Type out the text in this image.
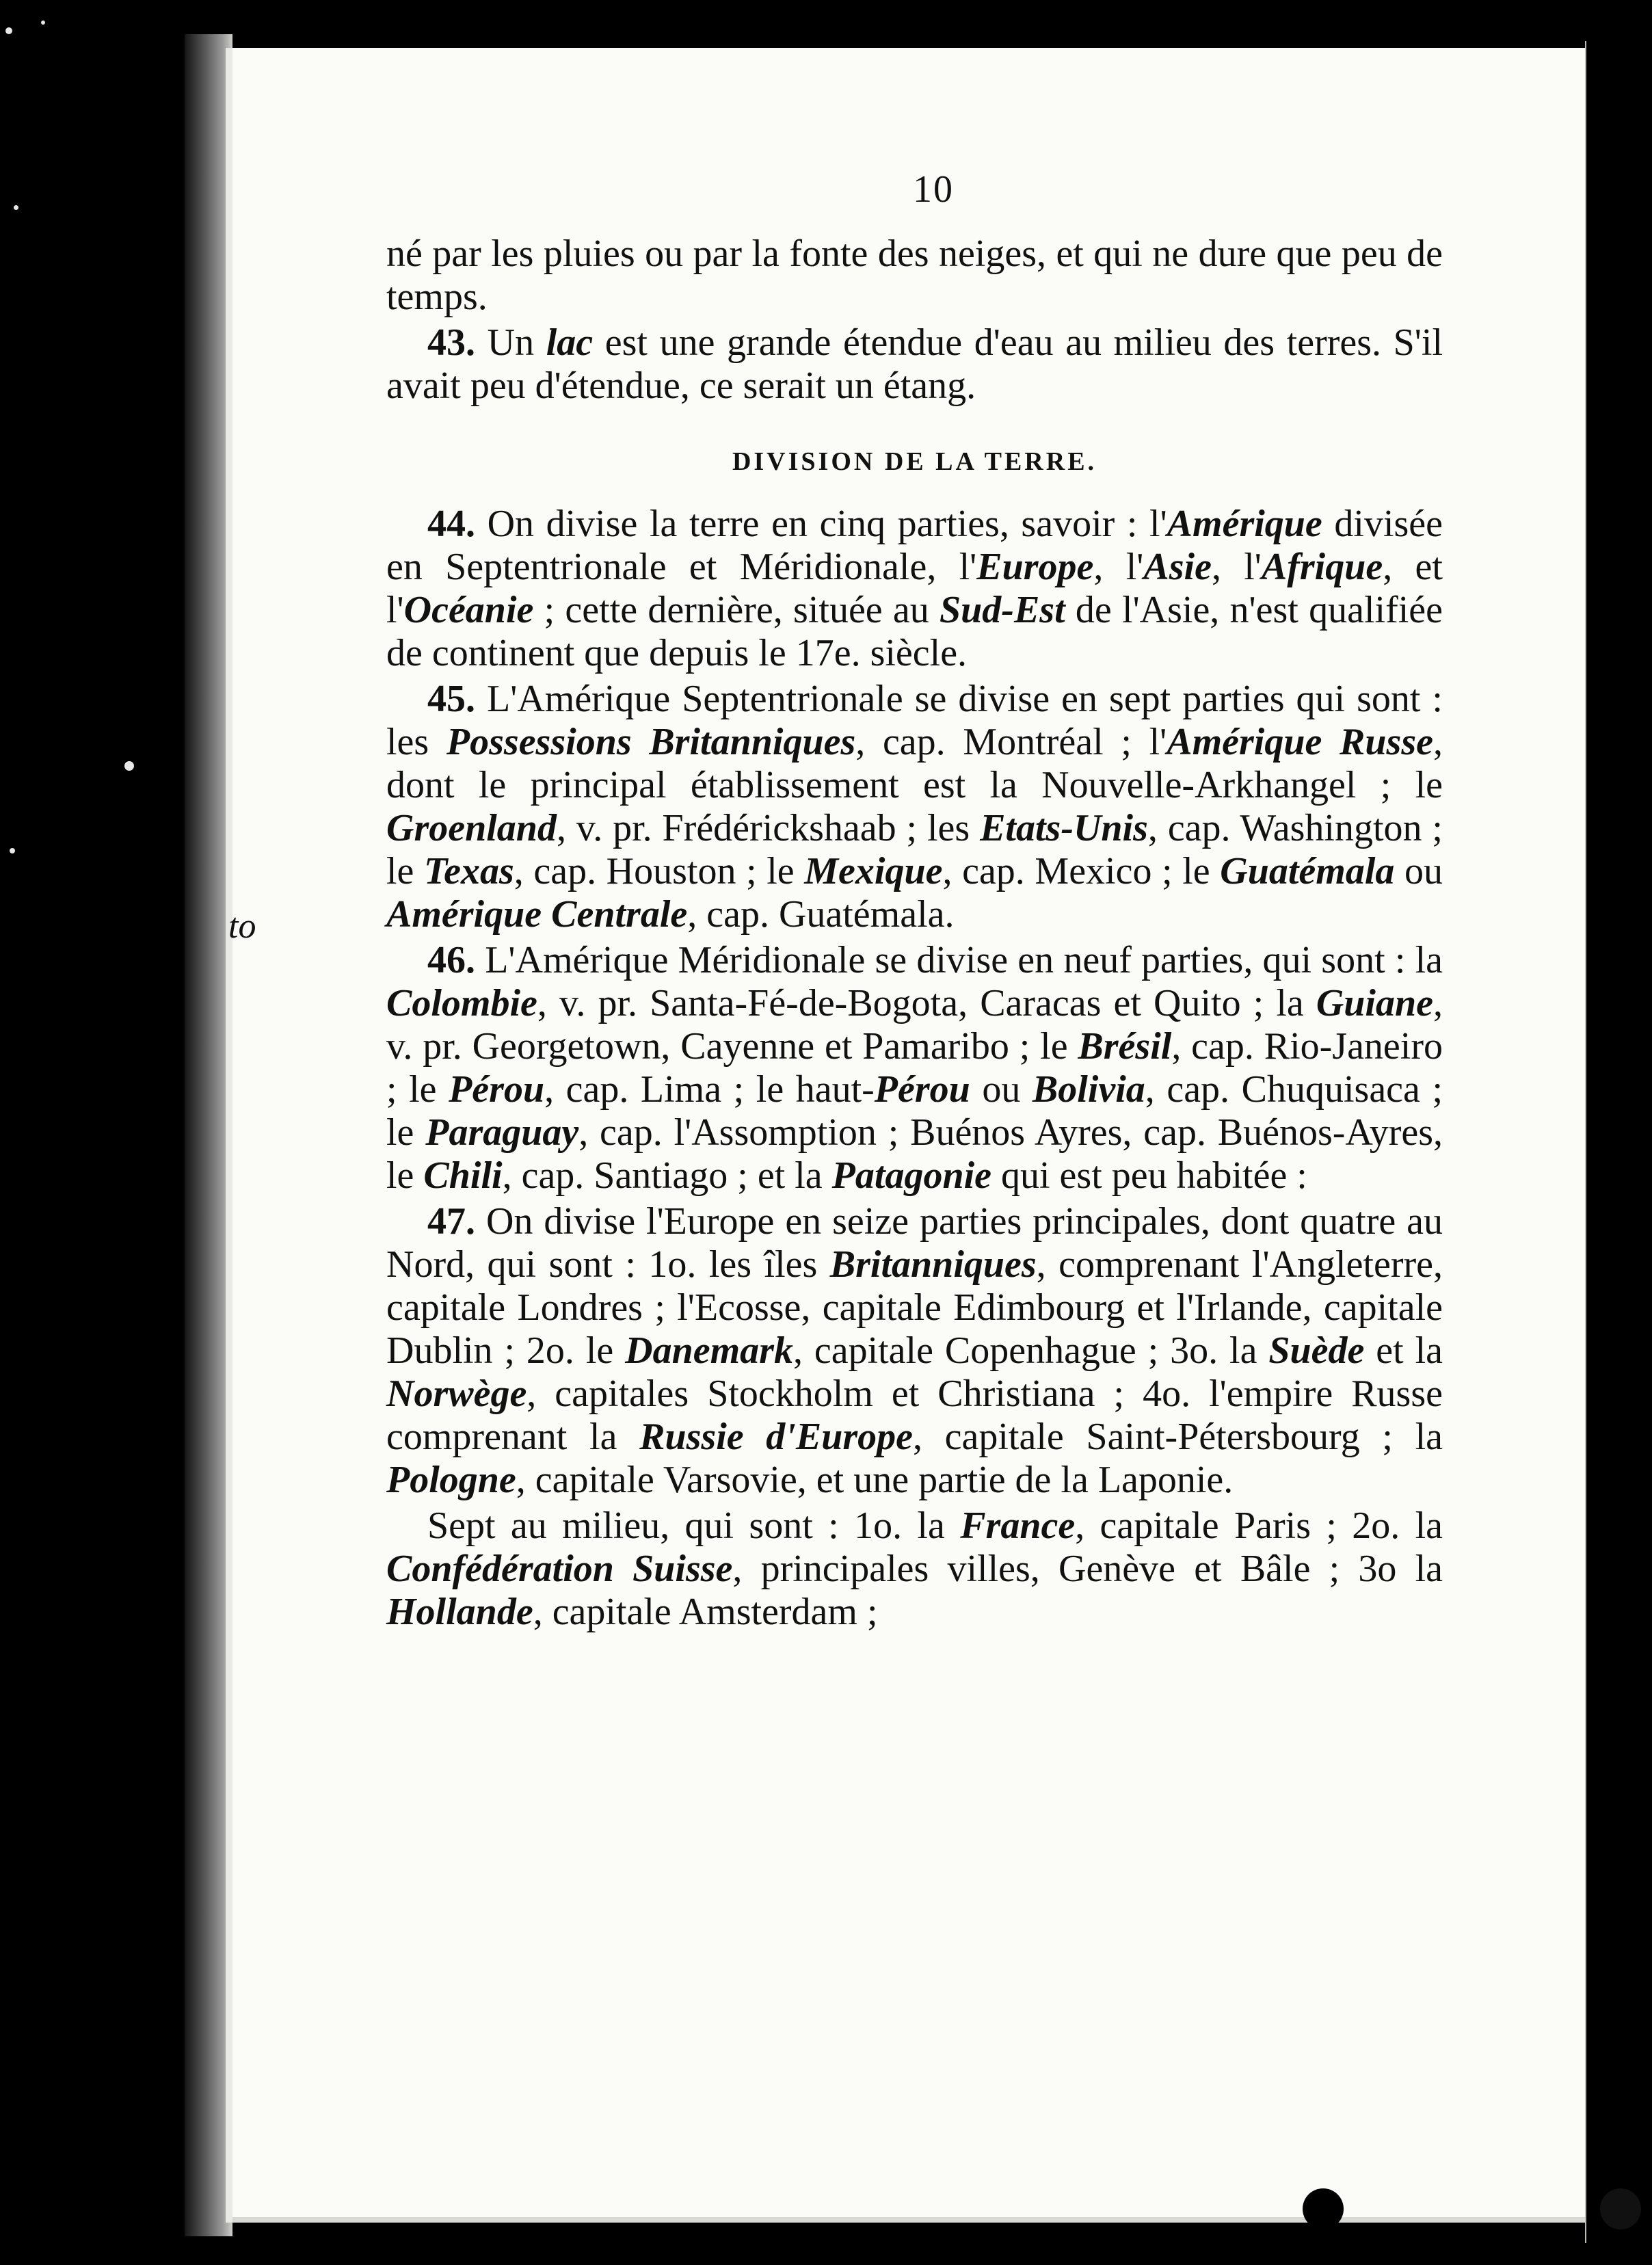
10
to

né par les pluies ou par la fonte des neiges, et qui ne dure que peu de temps.

43. Un lac est une grande étendue d'eau au milieu des terres. S'il avait peu d'étendue, ce serait un étang.

DIVISION DE LA TERRE.

44. On divise la terre en cinq parties, savoir : l'Amérique divisée en Septentrionale et Méridionale, l'Europe, l'Asie, l'Afrique, et l'Océanie ; cette dernière, située au Sud-Est de l'Asie, n'est qualifiée de continent que depuis le 17e. siècle.

45. L'Amérique Septentrionale se divise en sept parties qui sont : les Possessions Britanniques, cap. Montréal ; l'Amérique Russe, dont le principal établissement est la Nouvelle-Arkhangel ; le Groenland, v. pr. Frédérickshaab ; les Etats-Unis, cap. Washington ; le Texas, cap. Houston ; le Mexique, cap. Mexico ; le Guatémala ou Amérique Centrale, cap. Guatémala.

46. L'Amérique Méridionale se divise en neuf parties, qui sont : la Colombie, v. pr. Santa-Fé-de-Bogota, Caracas et Quito ; la Guiane, v. pr. Georgetown, Cayenne et Pamaribo ; le Brésil, cap. Rio-Janeiro ; le Pérou, cap. Lima ; le haut-Pérou ou Bolivia, cap. Chuquisaca ; le Paraguay, cap. l'Assomption ; Buénos Ayres, cap. Buénos-Ayres, le Chili, cap. Santiago ; et la Patagonie qui est peu habitée :

47. On divise l'Europe en seize parties principales, dont quatre au Nord, qui sont : 1o. les îles Britanniques, comprenant l'Angleterre, capitale Londres ; l'Ecosse, capitale Edimbourg et l'Irlande, capitale Dublin ; 2o. le Danemark, capitale Copenhague ; 3o. la Suède et la Norwège, capitales Stockholm et Christiana ; 4o. l'empire Russe comprenant la Russie d'Europe, capitale Saint-Pétersbourg ; la Pologne, capitale Varsovie, et une partie de la Laponie.

Sept au milieu, qui sont : 1o. la France, capitale Paris ; 2o. la Confédération Suisse, principales villes, Genève et Bâle ; 3o la Hollande, capitale Amsterdam ;
